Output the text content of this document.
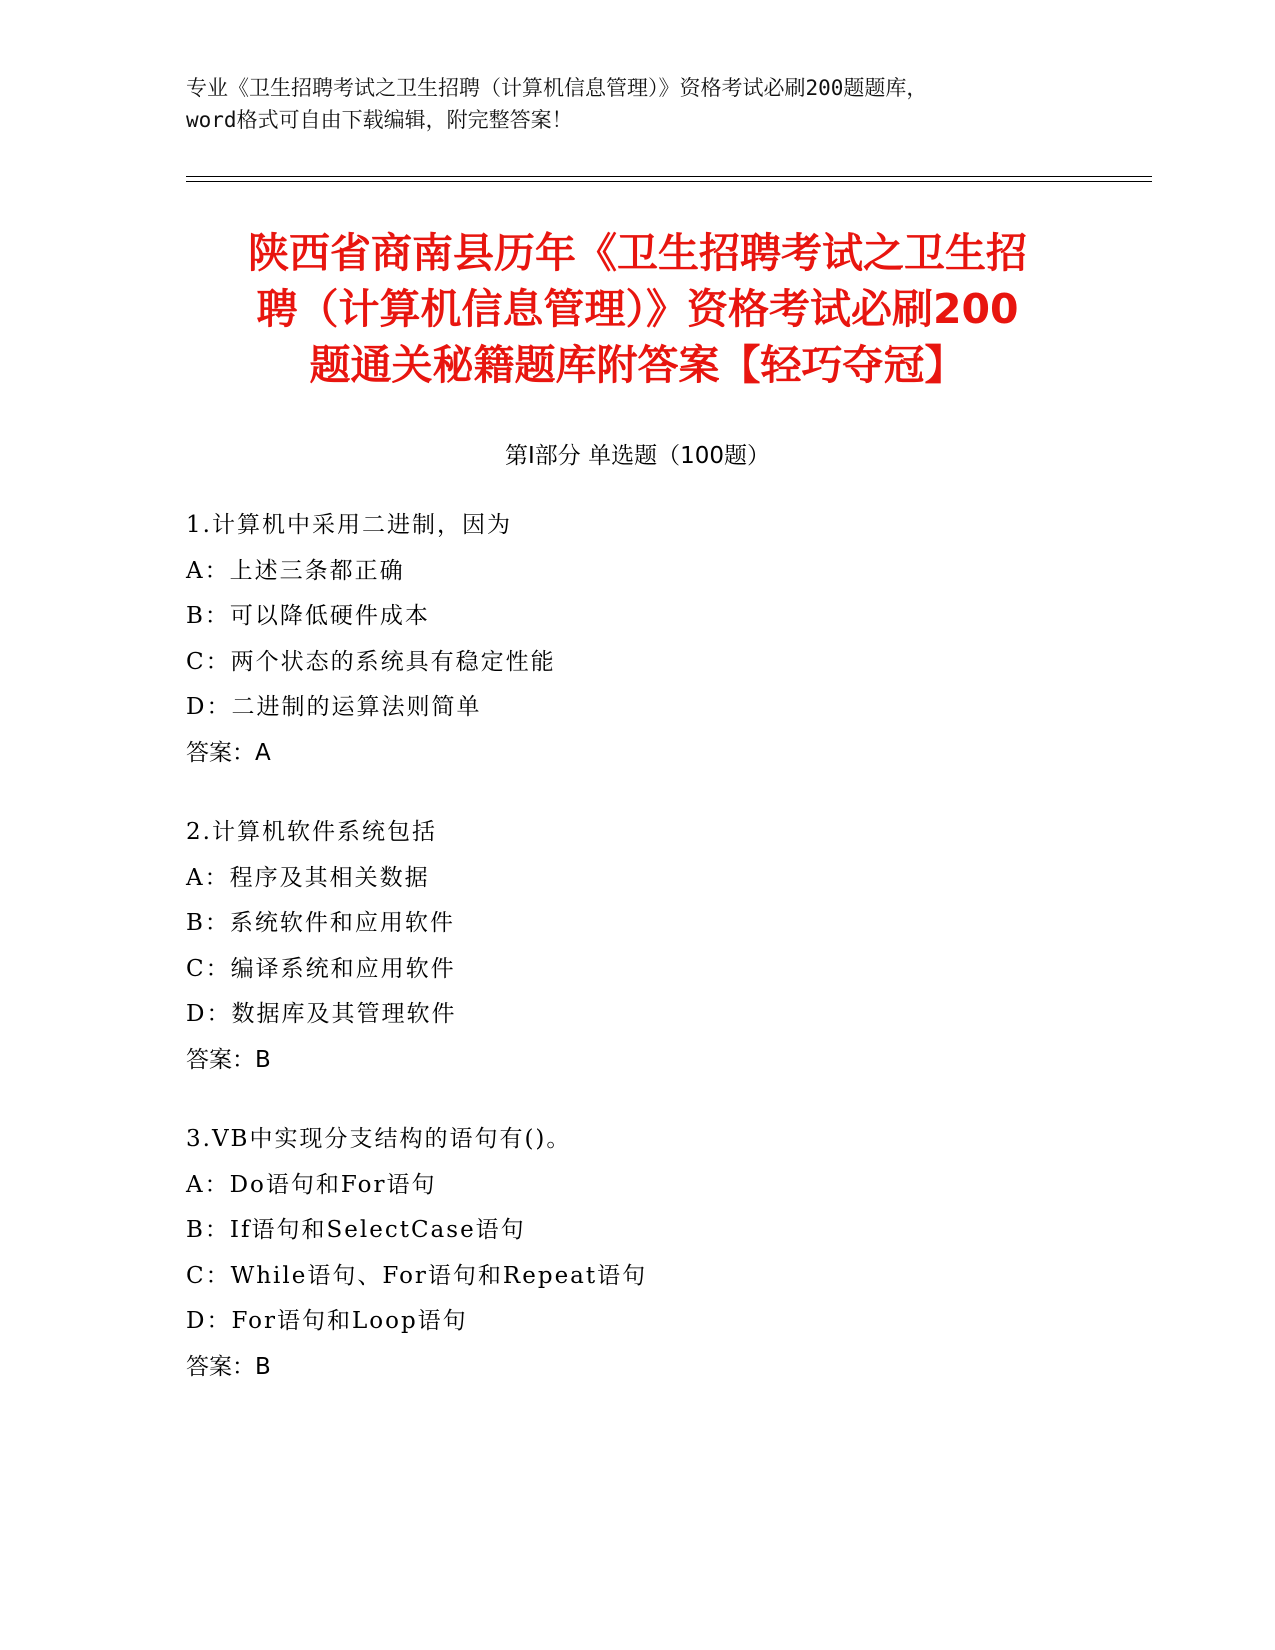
专业《卫生招聘考试之卫生招聘（计算机信息管理）》资格考试必刷200题题库，
word格式可自由下载编辑，附完整答案！
陕西省商南县历年《卫生招聘考试之卫生招
聘（计算机信息管理）》资格考试必刷200
题通关秘籍题库附答案【轻巧夺冠】
第I部分 单选题（100题）
1.计算机中采用二进制，因为
A：上述三条都正确
B：可以降低硬件成本
C：两个状态的系统具有稳定性能
D：二进制的运算法则简单
答案：A
2.计算机软件系统包括
A：程序及其相关数据
B：系统软件和应用软件
C：编译系统和应用软件
D：数据库及其管理软件
答案：B
3.VB中实现分支结构的语句有()。
A：Do语句和For语句
B：If语句和SelectCase语句
C：While语句、For语句和Repeat语句
D：For语句和Loop语句
答案：B
